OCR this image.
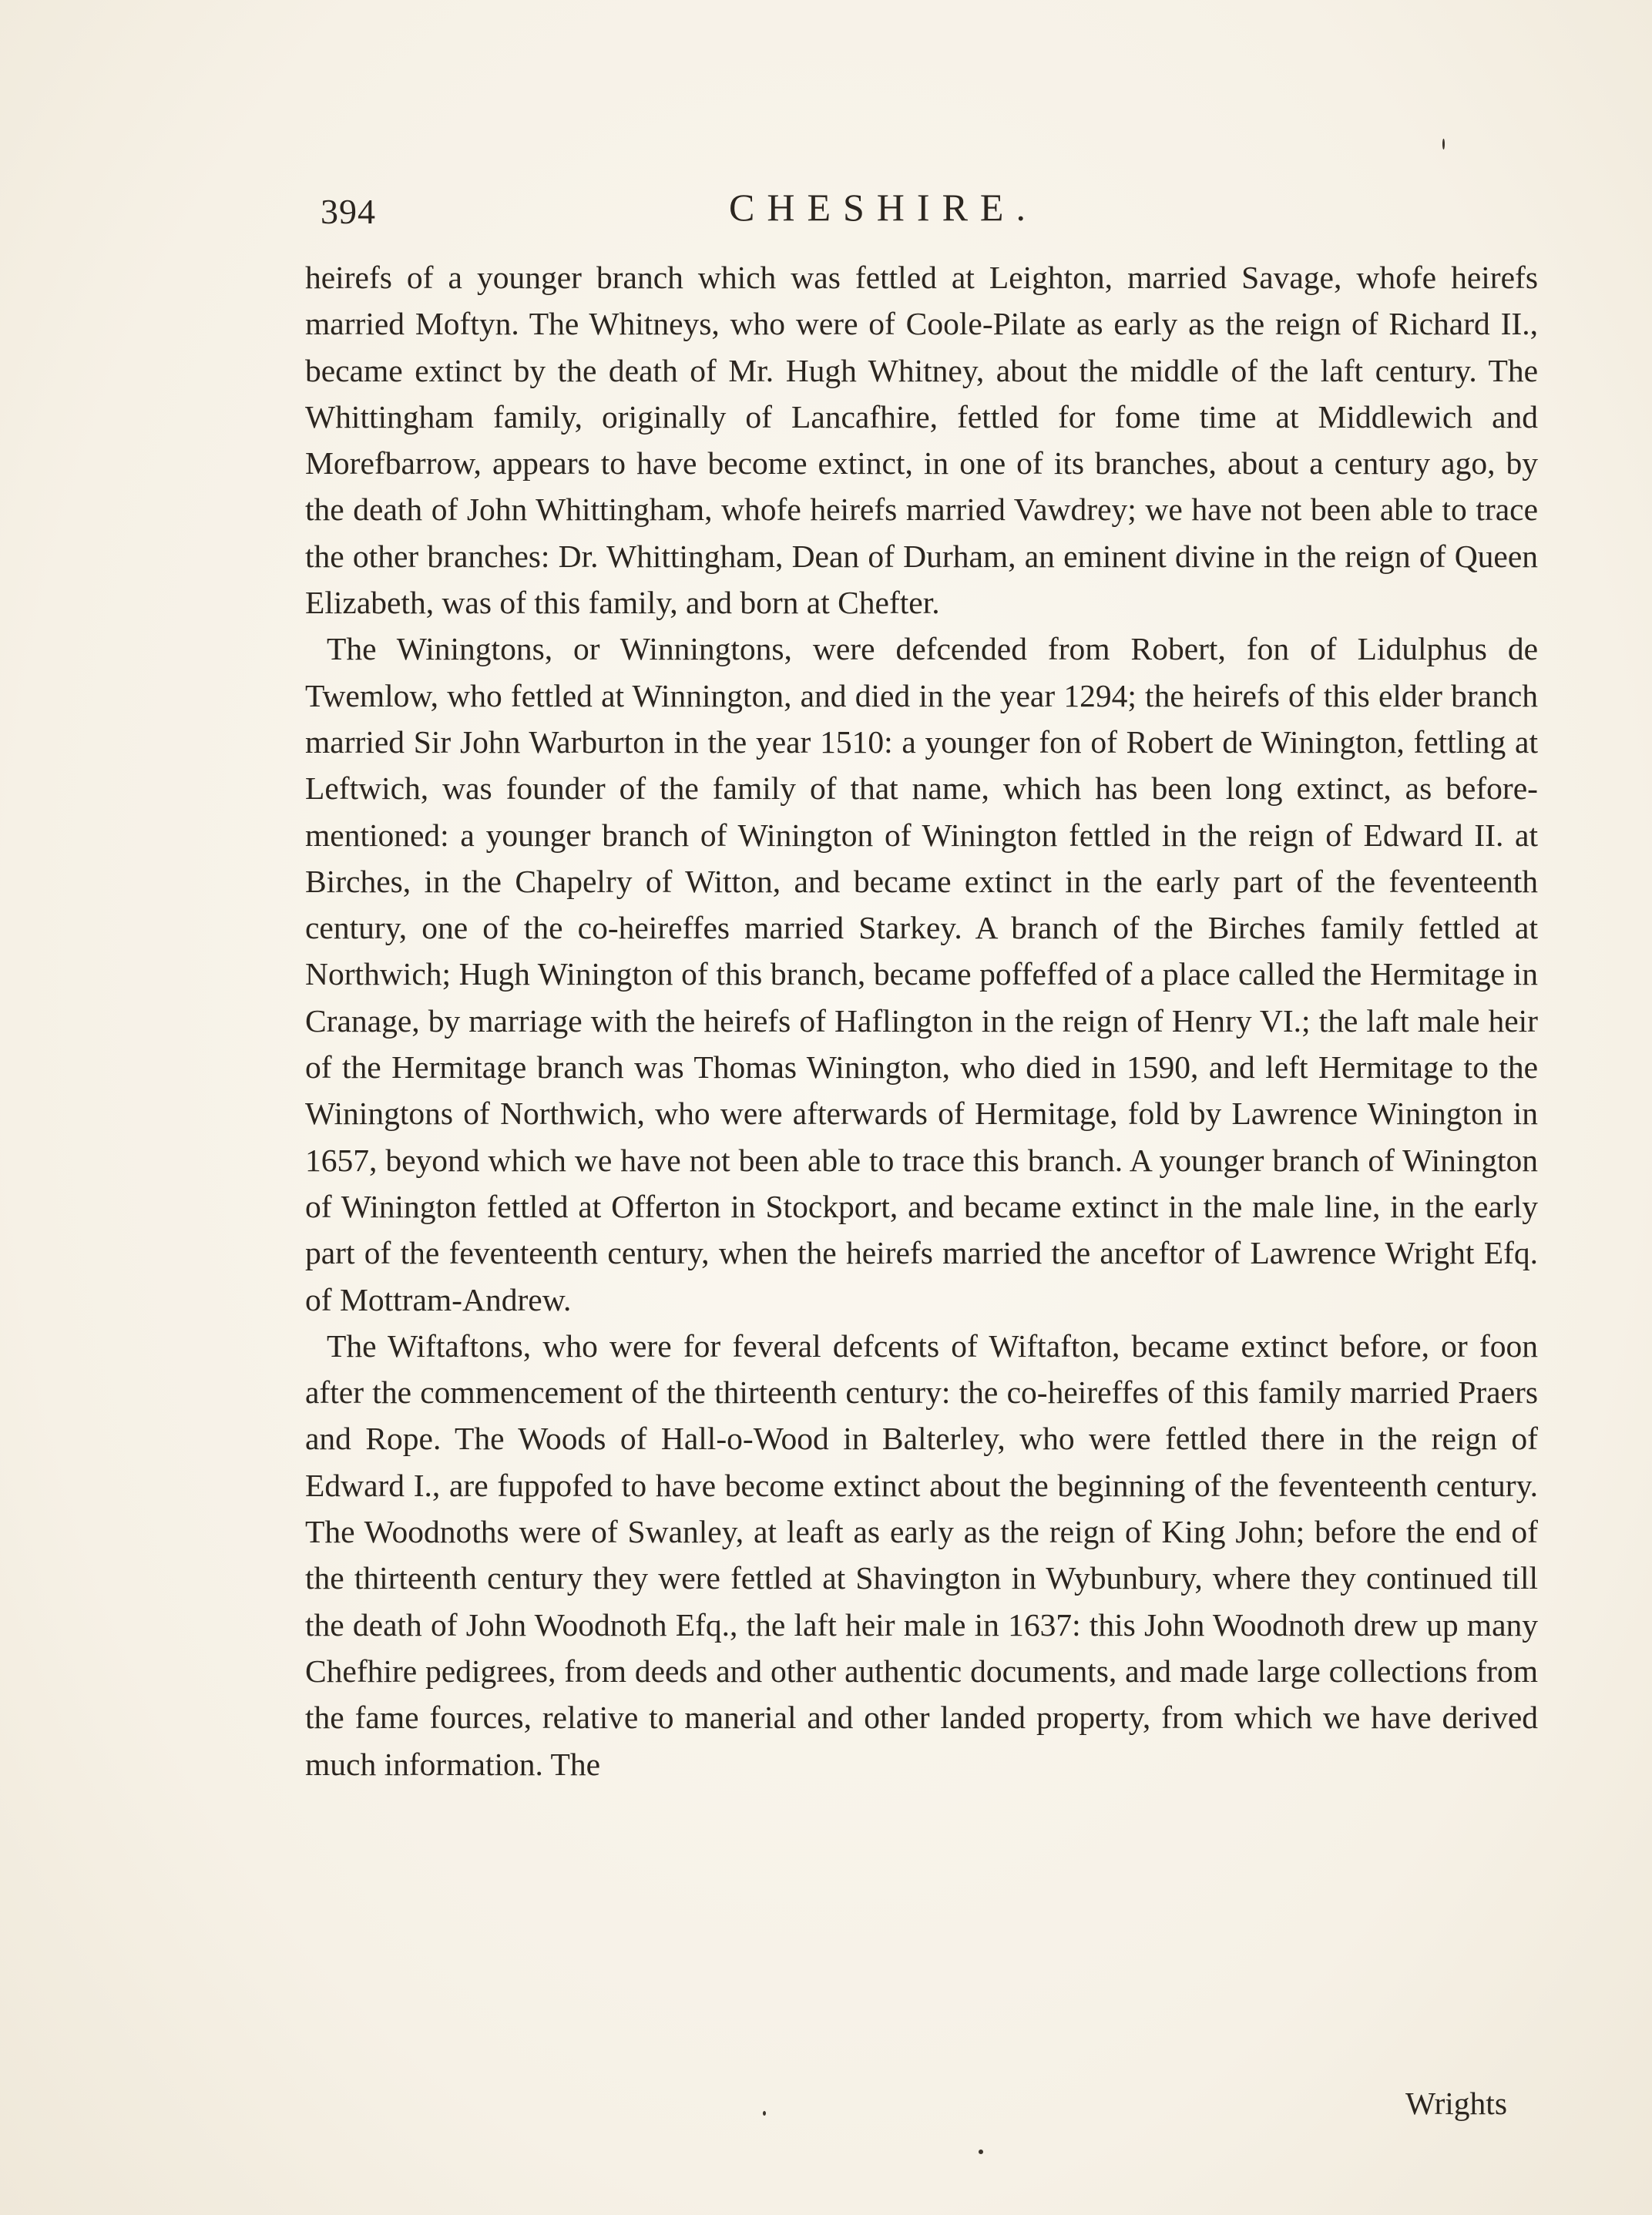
394	CHESHIRE.

heirefs of a younger branch which was fettled at Leighton, married Savage, whofe heirefs married Moftyn. The Whitneys, who were of Coole-Pilate as early as the reign of Richard II., became extinct by the death of Mr. Hugh Whitney, about the middle of the laft century. The Whittingham family, originally of Lancafhire, fettled for fome time at Middlewich and Morefbarrow, appears to have become extinct, in one of its branches, about a century ago, by the death of John Whittingham, whofe heirefs married Vawdrey; we have not been able to trace the other branches: Dr. Whittingham, Dean of Durham, an eminent divine in the reign of Queen Elizabeth, was of this family, and born at Chefter.

The Winingtons, or Winningtons, were defcended from Robert, fon of Lidulphus de Twemlow, who fettled at Winnington, and died in the year 1294; the heirefs of this elder branch married Sir John Warburton in the year 1510: a younger fon of Robert de Winington, fettling at Leftwich, was founder of the family of that name, which has been long extinct, as before-mentioned: a younger branch of Winington of Winington fettled in the reign of Edward II. at Birches, in the Chapelry of Witton, and became extinct in the early part of the feventeenth century, one of the co-heireffes married Starkey. A branch of the Birches family fettled at Northwich; Hugh Winington of this branch, became poffeffed of a place called the Hermitage in Cranage, by marriage with the heirefs of Haflington in the reign of Henry VI.; the laft male heir of the Hermitage branch was Thomas Winington, who died in 1590, and left Hermitage to the Winingtons of Northwich, who were afterwards of Hermitage, fold by Lawrence Winington in 1657, beyond which we have not been able to trace this branch. A younger branch of Winington of Winington fettled at Offerton in Stockport, and became extinct in the male line, in the early part of the feventeenth century, when the heirefs married the anceftor of Lawrence Wright Efq. of Mottram-Andrew.

The Wiftaftons, who were for feveral defcents of Wiftafton, became extinct before, or foon after the commencement of the thirteenth century: the co-heireffes of this family married Praers and Rope. The Woods of Hall-o-Wood in Balterley, who were fettled there in the reign of Edward I., are fuppofed to have become extinct about the beginning of the feventeenth century. The Woodnoths were of Swanley, at leaft as early as the reign of King John; before the end of the thirteenth century they were fettled at Shavington in Wybunbury, where they continued till the death of John Woodnoth Efq., the laft heir male in 1637: this John Woodnoth drew up many Chefhire pedigrees, from deeds and other authentic documents, and made large collections from the fame fources, relative to manerial and other landed property, from which we have derived much information. The

Wrights
